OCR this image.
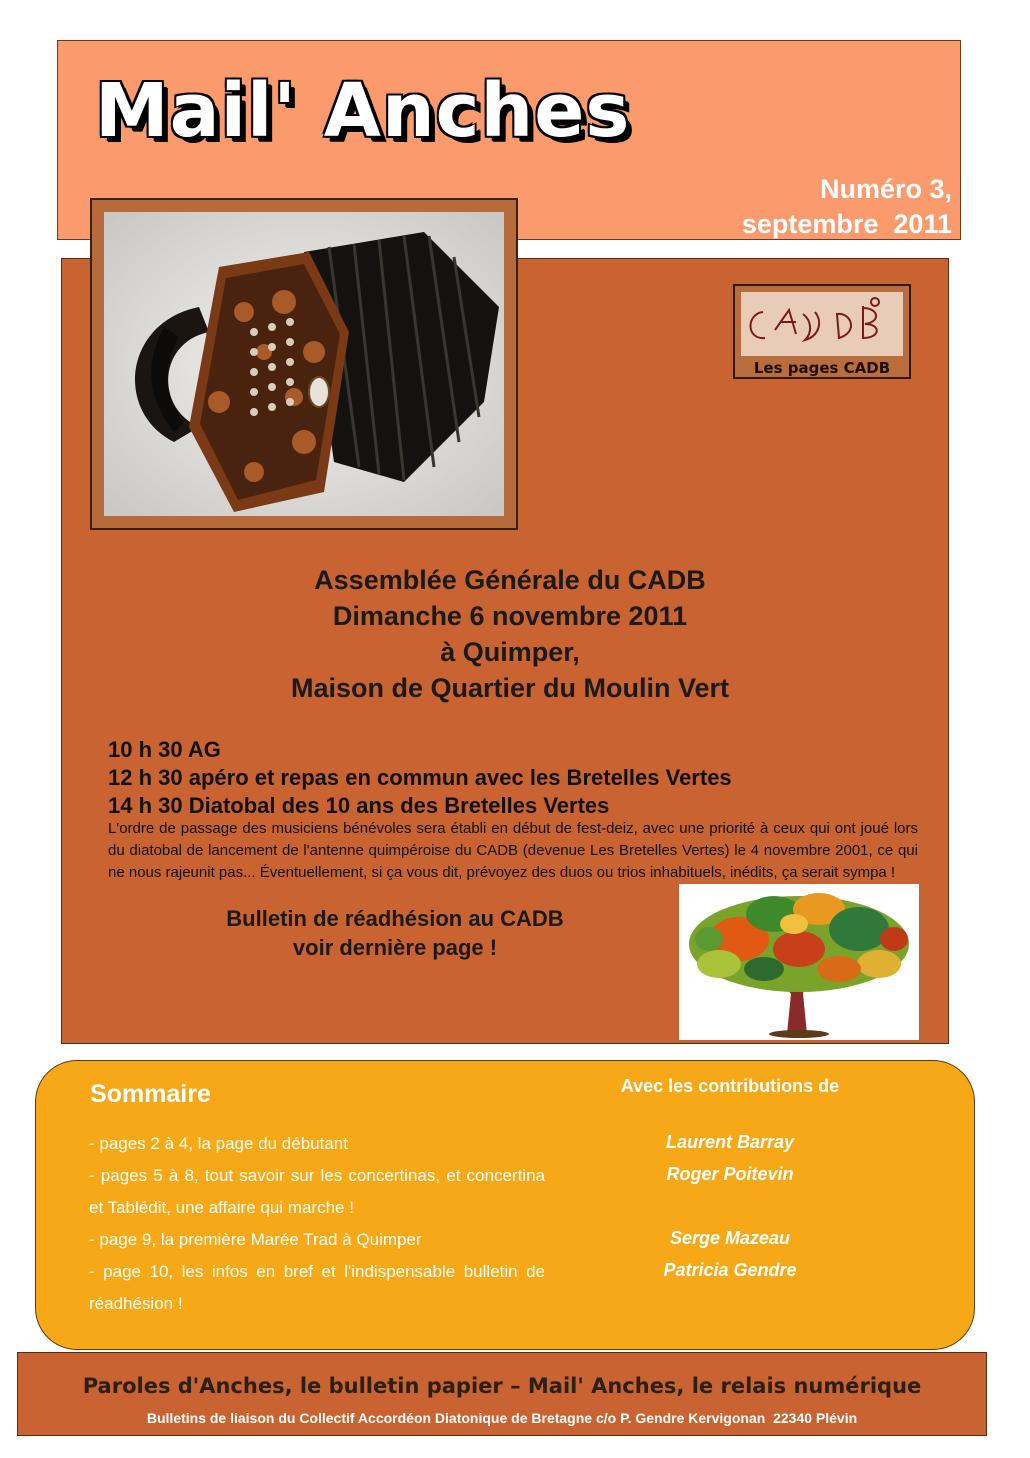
Mail' Anches
Numéro 3,
septembre  2011
Les pages CADB
Assemblée Générale du CADB
Dimanche 6 novembre 2011
à Quimper,
Maison de Quartier du Moulin Vert
10 h 30 AG
12 h 30 apéro et repas en commun avec les Bretelles Vertes
14 h 30 Diatobal des 10 ans des Bretelles Vertes
L'ordre de passage des musiciens bénévoles sera établi en début de fest-deiz, avec une priorité à ceux qui ont joué lors du diatobal de lancement de l'antenne quimpéroise du CADB (devenue Les Bretelles Vertes) le 4 novembre 2001, ce qui ne nous rajeunit pas... Éventuellement, si ça vous dit, prévoyez des duos ou trios inhabituels, inédits, ça serait sympa !
Bulletin de réadhésion au CADB
voir dernière page !
Sommaire
- pages 2 à 4, la page du débutant
- pages 5 à 8, tout savoir sur les concertinas, et concertina et Tablédit, une affaire qui marche !
- page 9, la première Marée Trad à Quimper
- page 10, les infos en bref et l'indispensable bulletin de réadhésion !
Avec les contributions de
Laurent Barray
Roger Poitevin
Serge Mazeau
Patricia Gendre
Paroles d'Anches, le bulletin papier – Mail' Anches, le relais numérique
Bulletins de liaison du Collectif Accordéon Diatonique de Bretagne c/o P. Gendre Kervigonan  22340 Plévin
